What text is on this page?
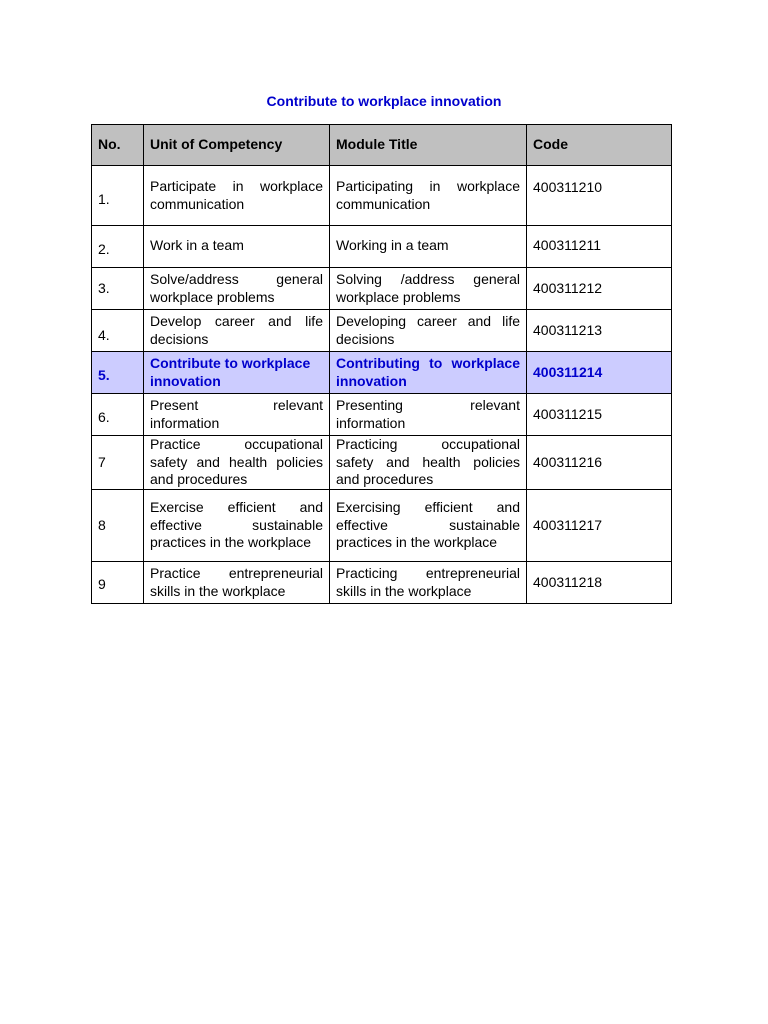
Contribute to workplace innovation
No.	Unit of Competency	Module Title	Code
1.	Participate in workplace communication	Participating in workplace communication	400311210
2.	Work in a team	Working in a team	400311211
3.	Solve/address general workplace problems	Solving /address general workplace problems	400311212
4.	Develop career and life decisions	Developing career and life decisions	400311213
5.	Contribute to workplace innovation	Contributing to workplace innovation	400311214
6.	Present relevant information	Presenting relevant information	400311215
7	Practice occupational safety and health policies and procedures	Practicing occupational safety and health policies and procedures	400311216
8	Exercise efficient and effective sustainable practices in the workplace	Exercising efficient and effective sustainable practices in the workplace	400311217
9	Practice entrepreneurial skills in the workplace	Practicing entrepreneurial skills in the workplace	400311218
